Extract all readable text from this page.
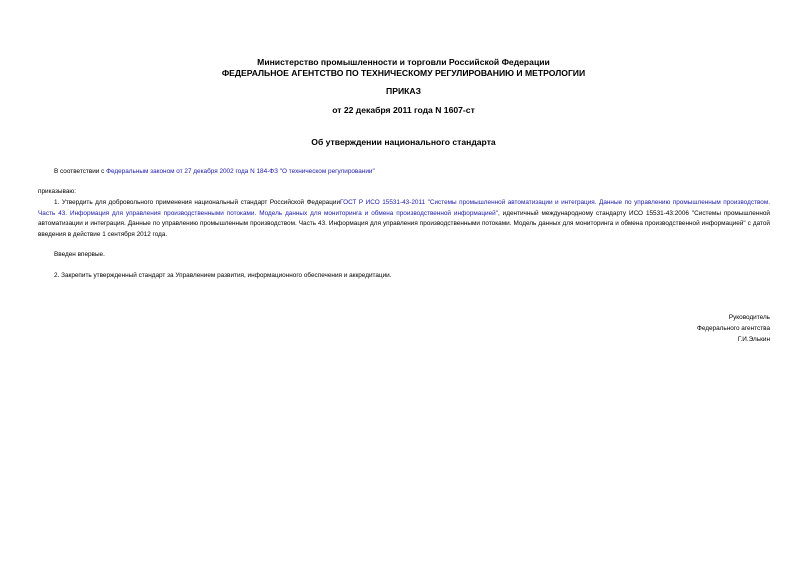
Министерство промышленности и торговли Российской Федерации
ФЕДЕРАЛЬНОЕ АГЕНТСТВО ПО ТЕХНИЧЕСКОМУ РЕГУЛИРОВАНИЮ И МЕТРОЛОГИИ
ПРИКАЗ
от 22 декабря 2011 года N 1607-ст
Об утверждении национального стандарта
В соответствии с Федеральным законом от 27 декабря 2002 года N 184-ФЗ "О техническом регулировании"
приказываю:
1. Утвердить для добровольного применения национальный стандарт Российской ФедерацииГОСТ Р ИСО 15531-43-2011 "Системы промышленной автоматизации и интеграция. Данные по управлению промышленным производством. Часть 43. Информация для управления производственными потоками. Модель данных для мониторинга и обмена производственной информацией", идентичный международному стандарту ИСО 15531-43:2006 "Системы промышленной автоматизации и интеграция. Данные по управлению промышленным производством. Часть 43. Информация для управления производственными потоками. Модель данных для мониторинга и обмена производственной информацией" с датой введения в действие 1 сентября 2012 года.
Введен впервые.
2. Закрепить утвержденный стандарт за Управлением развития, информационного обеспечения и аккредитации.
Руководитель
Федерального агентства
Г.И.Элькин
